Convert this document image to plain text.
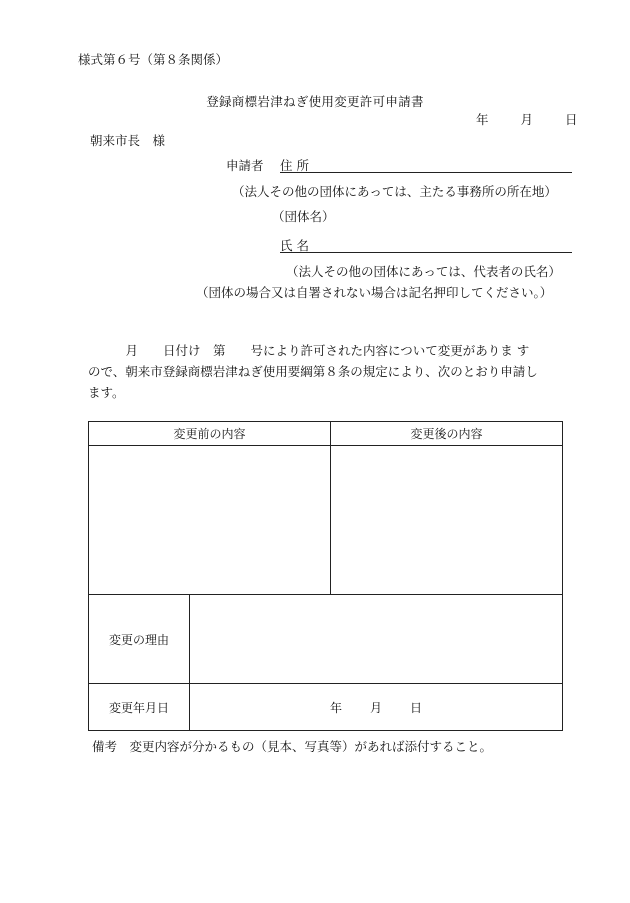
様式第６号（第８条関係）
登録商標岩津ねぎ使用変更許可申請書
年	月	日
朝来市長　様
申請者 住所
（法人その他の団体にあっては、主たる事務所の所在地）
（団体名）
氏名
（法人その他の団体にあっては、代表者の氏名）
（団体の場合又は自署されない場合は記名押印してください。）
　　　月　　日付け　第　　号により許可された内容について変更がありま す
ので、朝来市登録商標岩津ねぎ使用要綱第８条の規定により、次のとおり申請し
ます。
変更前の内容		変更後の内容

変更の理由		
変更年月日	年 月 日	
備考　変更内容が分かるもの（見本、写真等）があれば添付すること。
